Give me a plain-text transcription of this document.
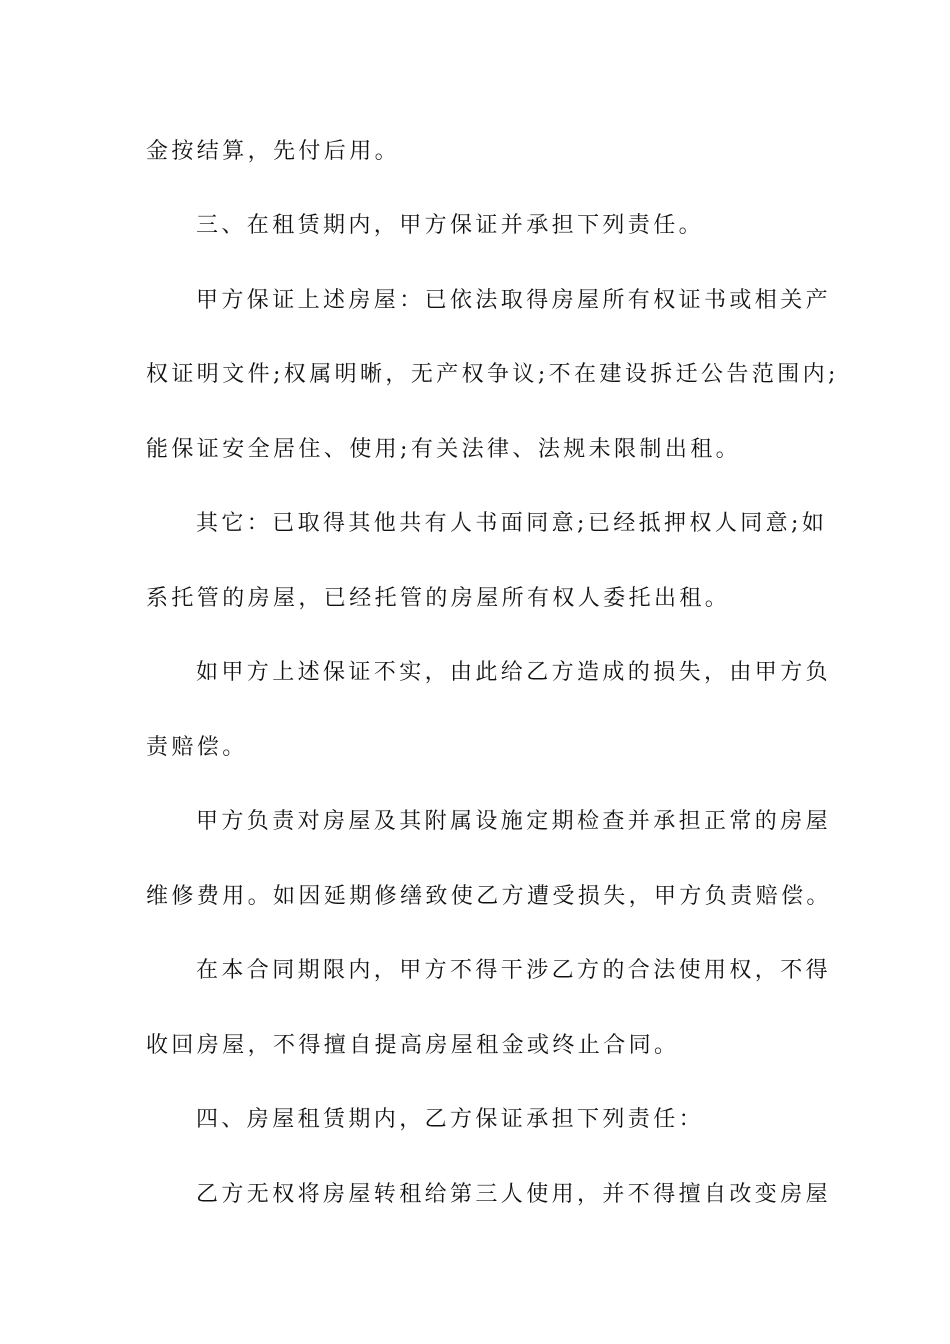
金按结算，先付后用。
三、在租赁期内，甲方保证并承担下列责任。
甲方保证上述房屋：已依法取得房屋所有权证书或相关产
权证明文件;权属明晰，无产权争议;不在建设拆迁公告范围内;
能保证安全居住、使用;有关法律、法规未限制出租。
其它：已取得其他共有人书面同意;已经抵押权人同意;如
系托管的房屋，已经托管的房屋所有权人委托出租。
如甲方上述保证不实，由此给乙方造成的损失，由甲方负
责赔偿。
甲方负责对房屋及其附属设施定期检查并承担正常的房屋
维修费用。如因延期修缮致使乙方遭受损失，甲方负责赔偿。
在本合同期限内，甲方不得干涉乙方的合法使用权，不得
收回房屋，不得擅自提高房屋租金或终止合同。
四、房屋租赁期内，乙方保证承担下列责任：
乙方无权将房屋转租给第三人使用，并不得擅自改变房屋
